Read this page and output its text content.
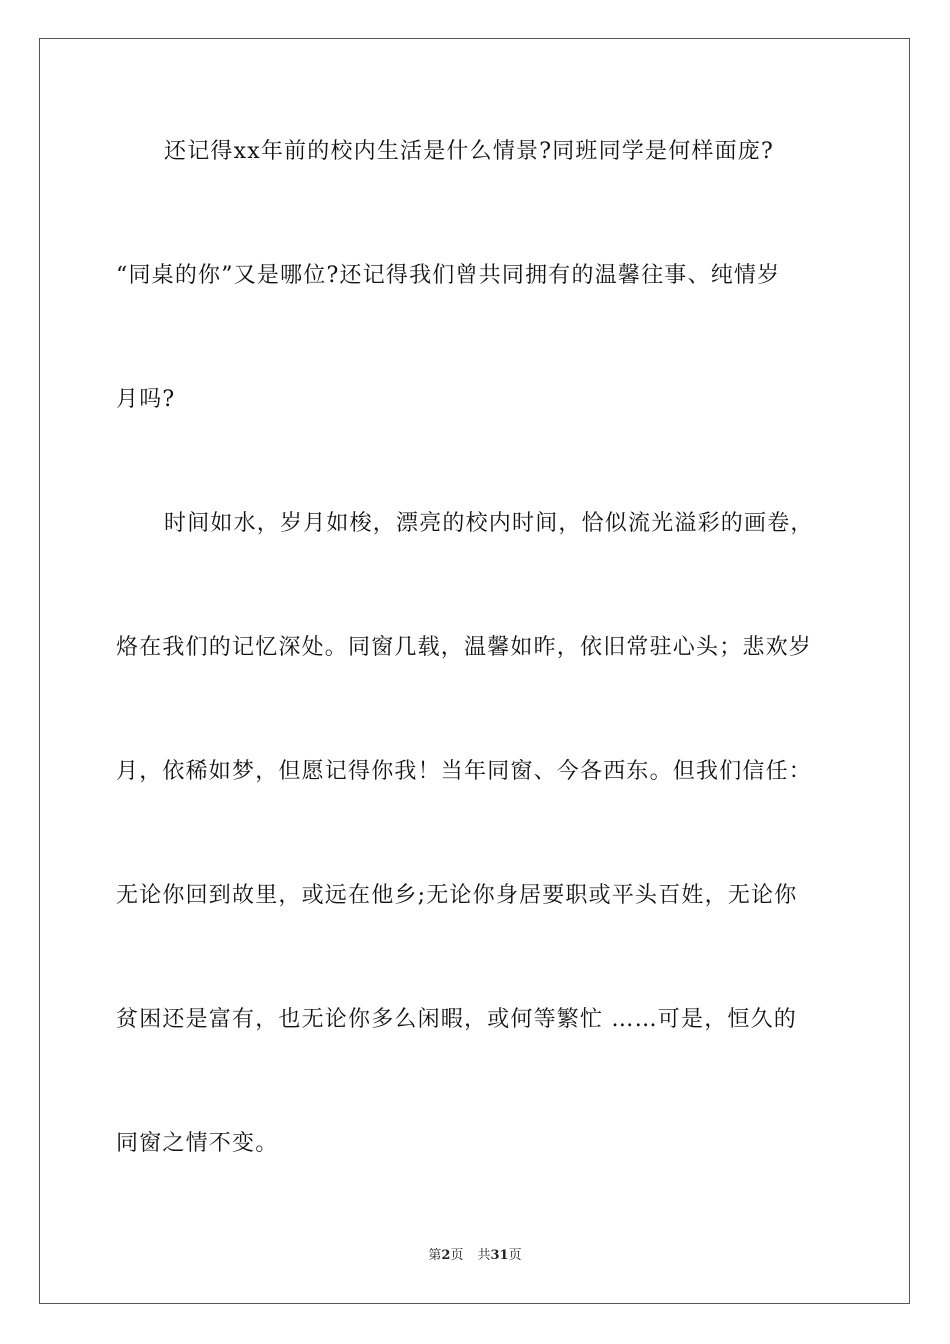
还记得xx年前的校内生活是什么情景?同班同学是何样面庞?
“同桌的你”又是哪位?还记得我们曾共同拥有的温馨往事、纯情岁
月吗?
时间如水，岁月如梭，漂亮的校内时间，恰似流光溢彩的画卷，
烙在我们的记忆深处。同窗几载，温馨如昨，依旧常驻心头；悲欢岁
月，依稀如梦，但愿记得你我！当年同窗、今各西东。但我们信任：
无论你回到故里，或远在他乡;无论你身居要职或平头百姓，无论你
贫困还是富有，也无论你多么闲暇，或何等繁忙 ……可是，恒久的
同窗之情不变。
第2页 共31页
